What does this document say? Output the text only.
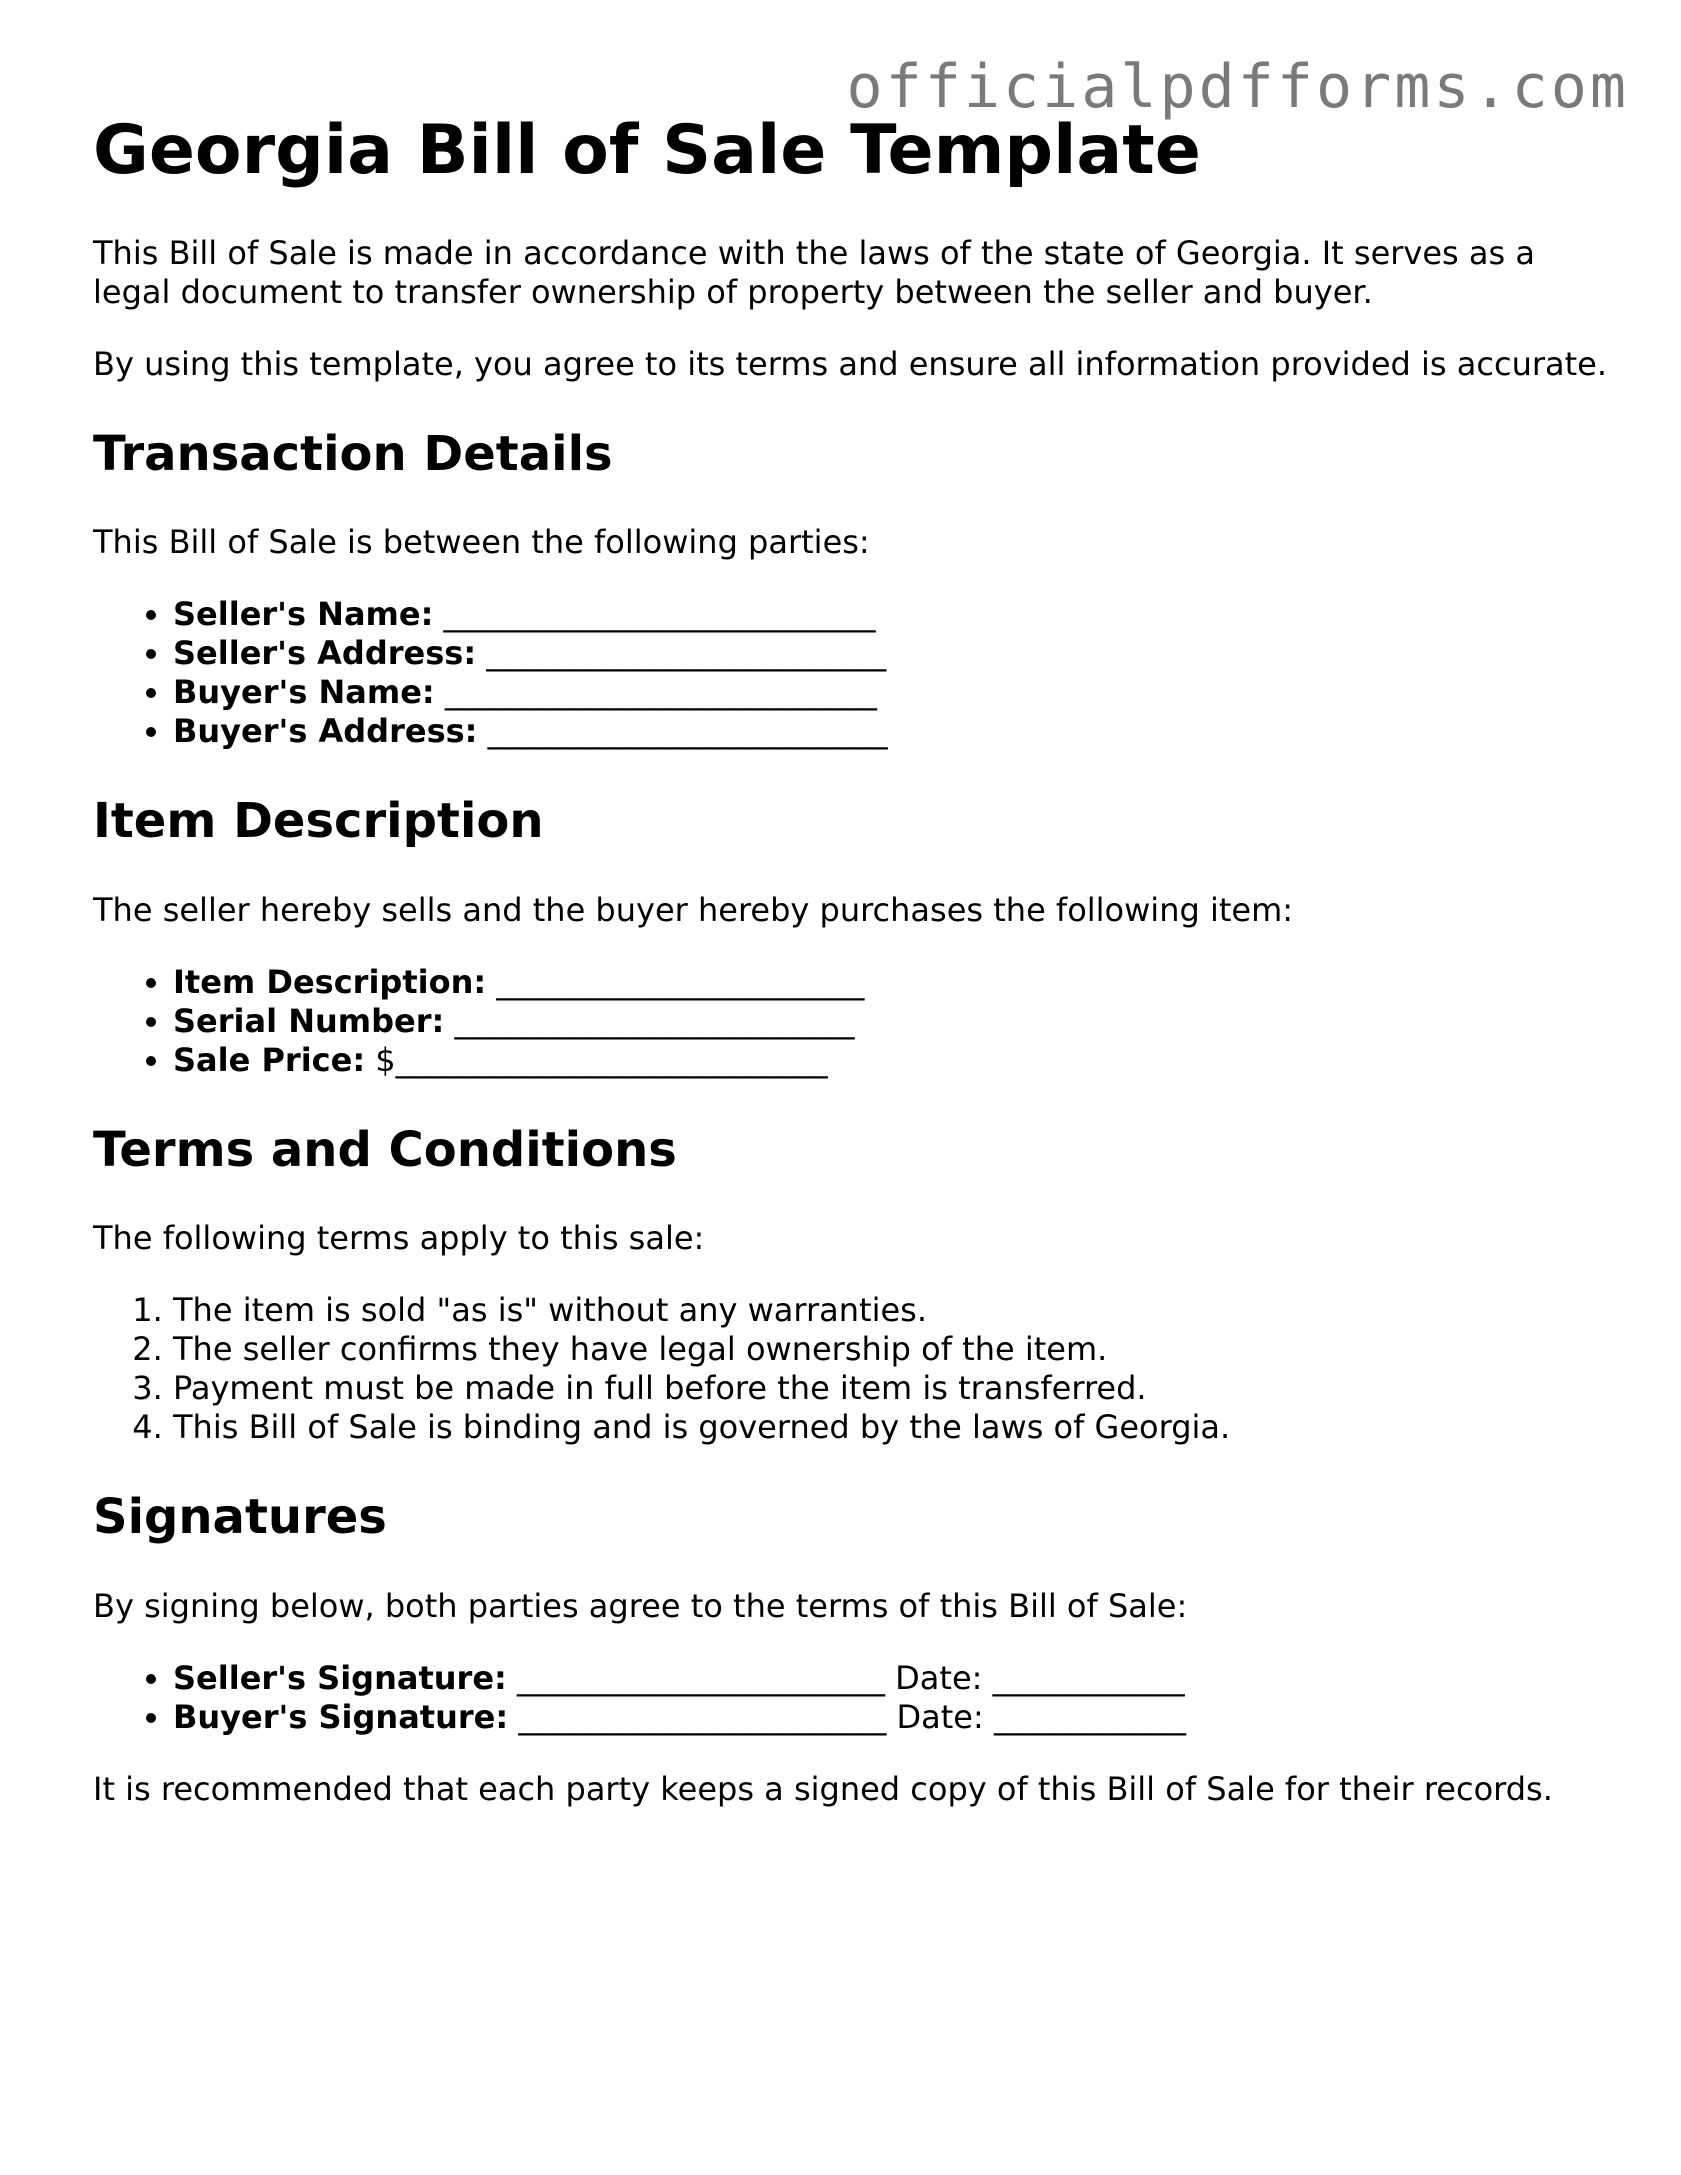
officialpdfforms.com
Georgia Bill of Sale Template

This Bill of Sale is made in accordance with the laws of the state of Georgia. It serves as a legal document to transfer ownership of property between the seller and buyer.

By using this template, you agree to its terms and ensure all information provided is accurate.

Transaction Details

This Bill of Sale is between the following parties:

• Seller's Name: ___________________________
• Seller's Address: _________________________
• Buyer's Name: ___________________________
• Buyer's Address: _________________________
Item Description

The seller hereby sells and the buyer hereby purchases the following item:

• Item Description: _______________________
• Serial Number: _________________________
• Sale Price: $___________________________
Terms and Conditions

The following terms apply to this sale:

1. The item is sold "as is" without any warranties.
2. The seller confirms they have legal ownership of the item.
3. Payment must be made in full before the item is transferred.
4. This Bill of Sale is binding and is governed by the laws of Georgia.
Signatures

By signing below, both parties agree to the terms of this Bill of Sale:

• Seller's Signature: _______________________ Date: ____________
• Buyer's Signature: _______________________ Date: ____________

It is recommended that each party keeps a signed copy of this Bill of Sale for their records.
